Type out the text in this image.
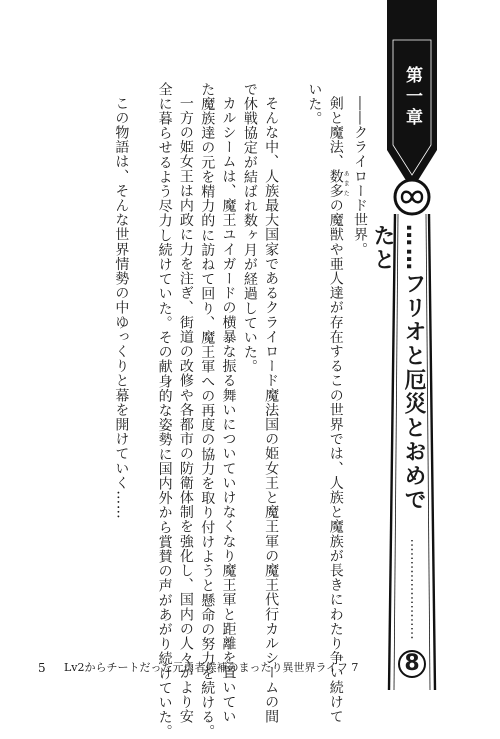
――クライロード世界。
剣と魔法、数多あまたの魔獣や亜人達が存在するこの世界では、人族と魔族が長きにわたり争い続けて
いた。
そんな中、人族最大国家であるクライロード魔法国の姫女王と魔王軍の魔王代行カルシームの間
で休戦協定が結ばれ数ヶ月が経過していた。
カルシームは、魔王ユイガードの横暴な振る舞いについていけなくなり魔王軍と距離を置いてい
た魔族達の元を精力的に訪ねて回り、魔王軍への再度の協力を取り付けようと懸命の努力を続ける。
一方の姫女王は内政に力を注ぎ、街道の改修や各都市の防衛体制を強化し、国内の人々がより安
全に暮らせるよう尽力し続けていた。その献身的な姿勢に国内外から賞賛の声があがり続けていた。
この物語は、そんな世界情勢の中ゆっくりと幕を開けていく……	第一章
……フリオと厄災とおめでたと
8
5 Lv2からチートだった元勇者候補のまったり異世界ライフ 7
